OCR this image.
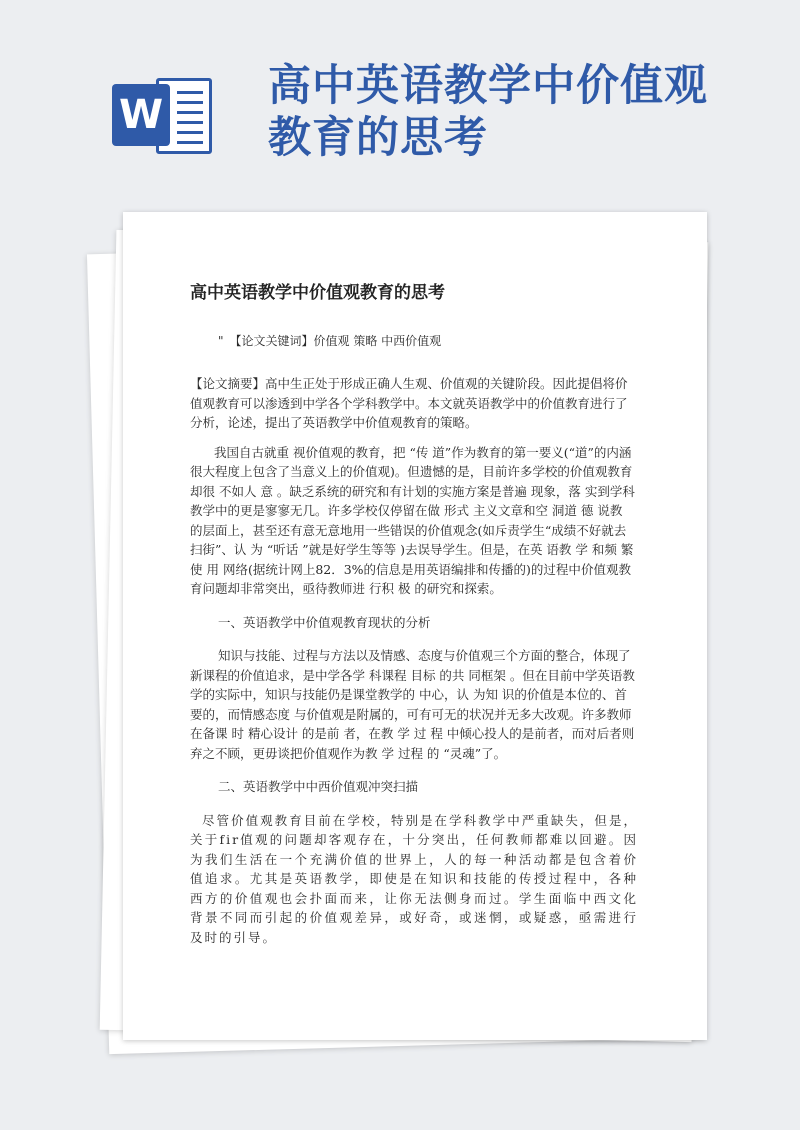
W
高中英语教学中价值观
教育的思考
高中英语教学中价值观教育的思考
"　【论文关键词】价值观 策略 中西价值观

【论文摘要】高中生正处于形成正确人生观、价值观的关键阶段。因此提倡将价值观教育可以渗透到中学各个学科教学中。本文就英语教学中的价值教育进行了分析，论述，提出了英语教学中价值观教育的策略。

我国自古就重 视价值观的教育，把 “传 道”作为教育的第一要义(“道”的内涵很大程度上包含了当意义上的价值观)。但遗憾的是，目前许多学校的价值观教育却很 不如人 意 。缺乏系统的研究和有计划的实施方案是普遍 现象，落 实到学科教学中的更是寥寥无几。许多学校仅停留在做 形式 主义文章和空 洞道 德 说教 的层面上，甚至还有意无意地用一些错误的价值观念(如斥责学生“成绩不好就去扫街”、认 为 “听话 ”就是好学生等等 )去误导学生。但是，在英 语教 学 和频 繁使 用 网络(据统计网上82．3%的信息是用英语编排和传播的)的过程中价值观教育问题却非常突出，亟待教师进 行积 极 的研究和探索。

一、英语教学中价值观教育现状的分析

知识与技能、过程与方法以及情感、态度与价值观三个方面的整合，体现了新课程的价值追求，是中学各学 科课程 目标 的共 同框架 。但在目前中学英语教学的实际中，知识与技能仍是课堂教学的 中心，认 为知 识的价值是本位的、首要的，而情感态度 与价值观是附属的，可有可无的状况并无多大改观。许多教师在备课 时 精心设计 的是前 者，在教 学 过 程 中倾心投人的是前者，而对后者则弃之不顾，更毋谈把价值观作为教 学 过程 的 “灵魂”了。

二、英语教学中中西价值观冲突扫描

尽管价值观教育目前在学校，特别是在学科教学中严重缺失，但是，关于fir值观的问题却客观存在，十分突出，任何教师都难以回避。因为我们生活在一个充满价值的世界上，人的每一种活动都是包含着价值追求。尤其是英语教学，即使是在知识和技能的传授过程中，各种西方的价值观也会扑面而来，让你无法侧身而过。学生面临中西文化背景不同而引起的价值观差异，或好奇，或迷惘，或疑惑，亟需进行及时的引导。
